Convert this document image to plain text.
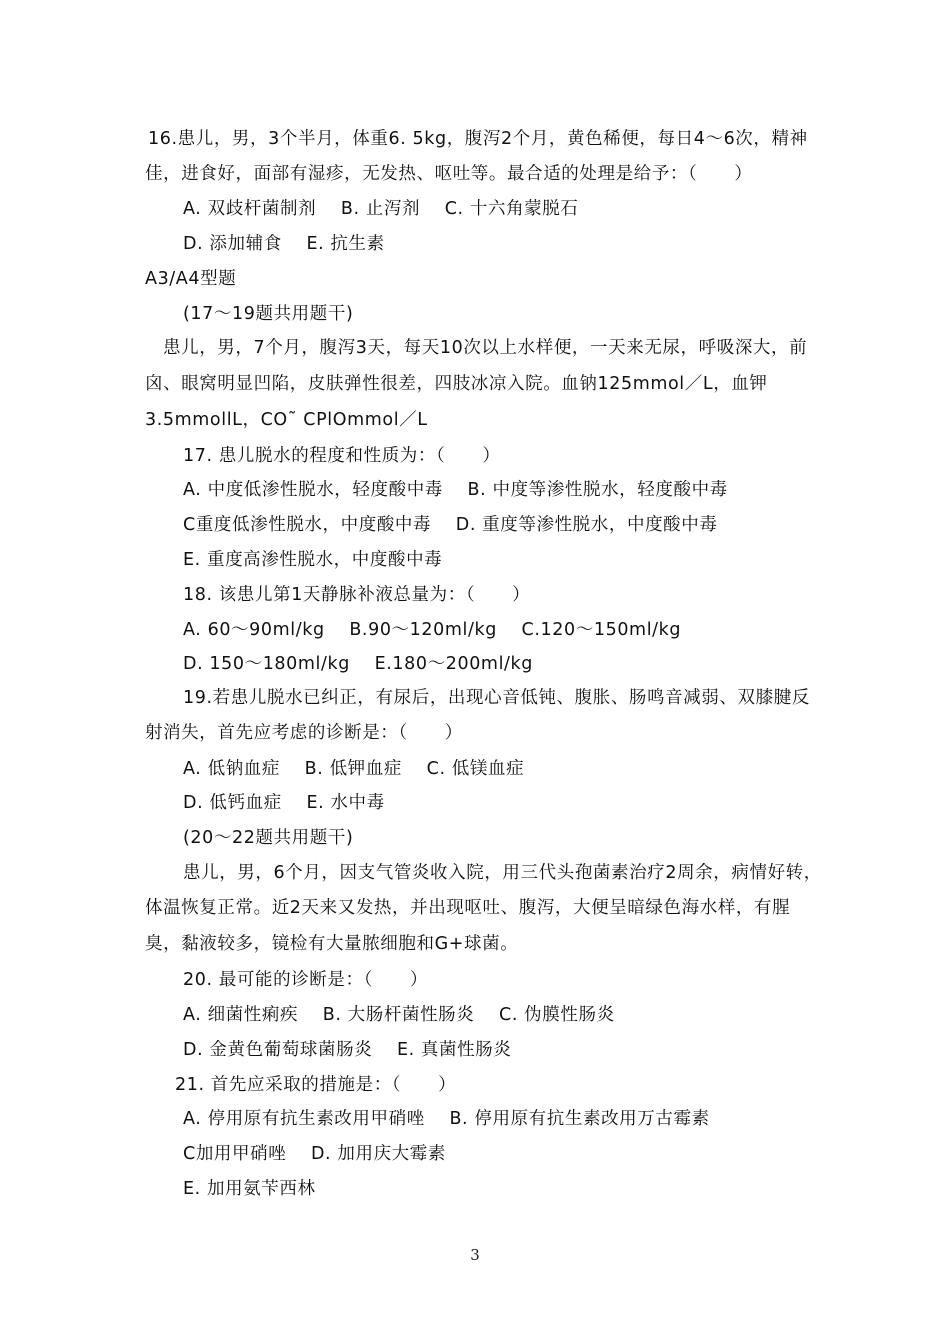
16.患儿，男，3个半月，体重6. 5kg，腹泻2个月，黄色稀便，每日4～6次，精神
佳，进食好，面部有湿疹，无发热、呕吐等。最合适的处理是给予：（      ）
A. 双歧杆菌制剂    B. 止泻剂    C. 十六角蒙脱石
D. 添加辅食    E. 抗生素
A3/A4型题
(17～19题共用题干)
患儿，男，7个月，腹泻3天，每天10次以上水样便，一天来无尿，呼吸深大，前
囟、眼窝明显凹陷，皮肤弹性很差，四肢冰凉入院。血钠125mmol／L，血钾
3.5mmollL，CO˜ CPlOmmol／L
17. 患儿脱水的程度和性质为：（      ）
A. 中度低渗性脱水，轻度酸中毒    B. 中度等渗性脱水，轻度酸中毒
C重度低渗性脱水，中度酸中毒    D. 重度等渗性脱水，中度酸中毒
E. 重度高渗性脱水，中度酸中毒
18. 该患儿第1天静脉补液总量为：（      ）
A. 60～90ml/kg    B.90～120ml/kg    C.120～150ml/kg
D. 150～180ml/kg    E.180～200ml/kg
19.若患儿脱水已纠正，有尿后，出现心音低钝、腹胀、肠鸣音减弱、双膝腱反
射消失，首先应考虑的诊断是：（      ）
A. 低钠血症    B. 低钾血症    C. 低镁血症
D. 低钙血症    E. 水中毒
(20～22题共用题干)
患儿，男，6个月，因支气管炎收入院，用三代头孢菌素治疗2周余，病情好转，
体温恢复正常。近2天来又发热，并出现呕吐、腹泻，大便呈暗绿色海水样，有腥
臭，黏液较多，镜检有大量脓细胞和G+球菌。
20. 最可能的诊断是：（      ）
A. 细菌性痢疾    B. 大肠杆菌性肠炎    C. 伪膜性肠炎
D. 金黄色葡萄球菌肠炎    E. 真菌性肠炎
21. 首先应采取的措施是：（      ）
A. 停用原有抗生素改用甲硝唑    B. 停用原有抗生素改用万古霉素
C加用甲硝唑    D. 加用庆大霉素
E. 加用氨苄西林
3
